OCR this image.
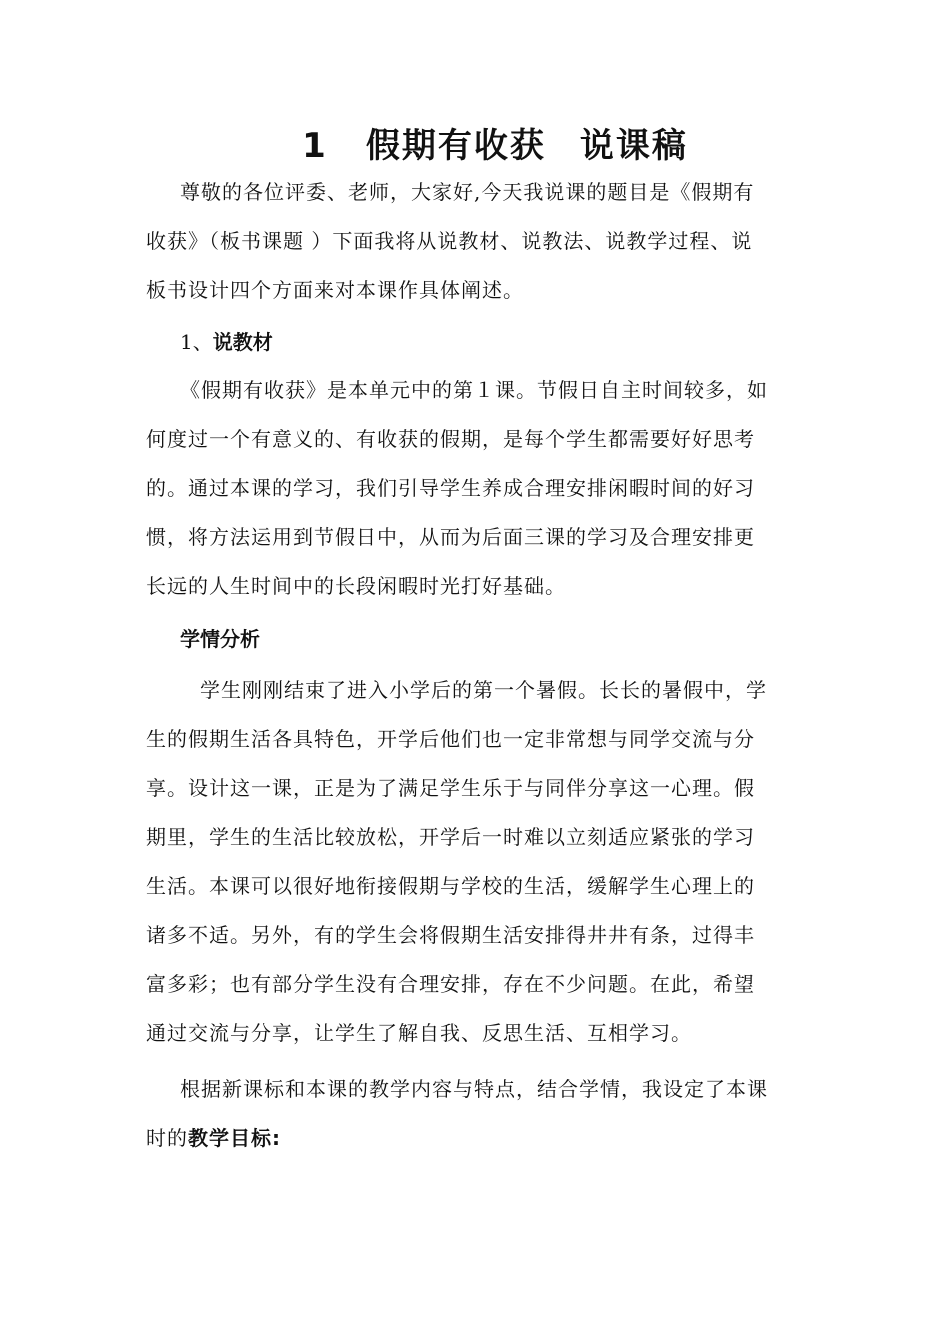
1 假期有收获 说课稿
尊敬的各位评委、老师，大家好,今天我说课的题目是《假期有
收获》（板书课题 ）下面我将从说教材、说教法、说教学过程、说
板书设计四个方面来对本课作具体阐述。
1、说教材
《假期有收获》是本单元中的第１课。节假日自主时间较多，如
何度过一个有意义的、有收获的假期，是每个学生都需要好好思考
的。通过本课的学习，我们引导学生养成合理安排闲暇时间的好习
惯，将方法运用到节假日中，从而为后面三课的学习及合理安排更
长远的人生时间中的长段闲暇时光打好基础。
学情分析
学生刚刚结束了进入小学后的第一个暑假。长长的暑假中，学
生的假期生活各具特色，开学后他们也一定非常想与同学交流与分
享。设计这一课，正是为了满足学生乐于与同伴分享这一心理。假
期里，学生的生活比较放松，开学后一时难以立刻适应紧张的学习
生活。本课可以很好地衔接假期与学校的生活，缓解学生心理上的
诸多不适。另外，有的学生会将假期生活安排得井井有条，过得丰
富多彩；也有部分学生没有合理安排，存在不少问题。在此，希望
通过交流与分享，让学生了解自我、反思生活、互相学习。
根据新课标和本课的教学内容与特点，结合学情，我设定了本课
时的教学目标:
